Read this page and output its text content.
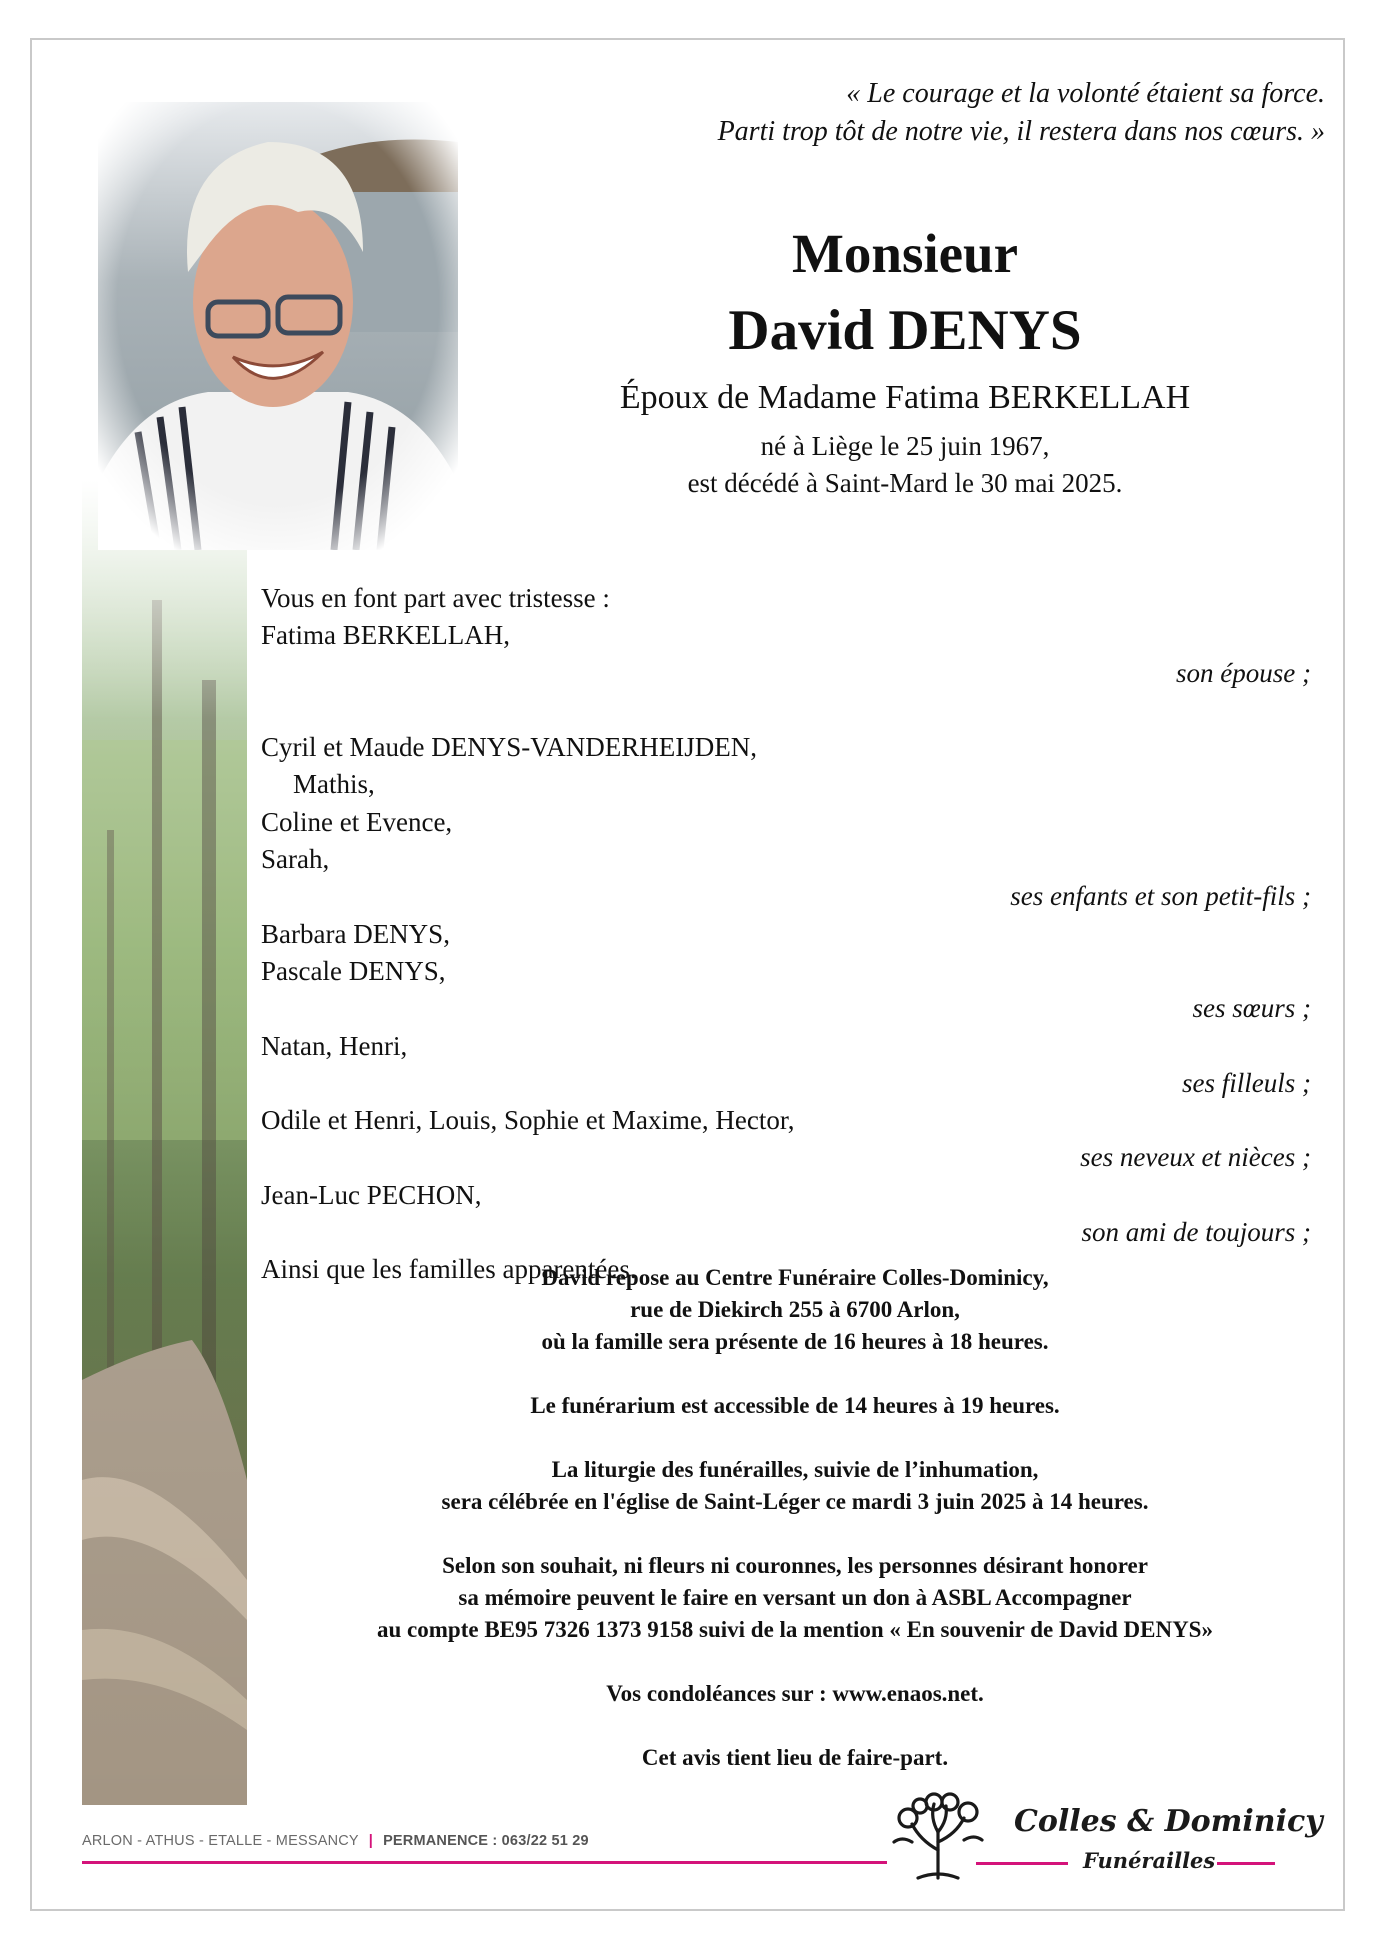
« Le courage et la volonté étaient sa force.
Parti trop tôt de notre vie, il restera dans nos cœurs. »
Monsieur
David DENYS
Époux de Madame Fatima BERKELLAH
né à Liège le 25 juin 1967,
est décédé à Saint-Mard le 30 mai 2025.
Vous en font part avec tristesse :
Fatima BERKELLAH,
son épouse ;
Cyril et Maude DENYS-VANDERHEIJDEN,
Mathis,
Coline et Evence,
Sarah,
ses enfants et son petit-fils ;
Barbara DENYS,
Pascale DENYS,
ses sœurs ;
Natan, Henri,
ses filleuls ;
Odile et Henri, Louis, Sophie et Maxime, Hector,
ses neveux et nièces ;
Jean-Luc PECHON,
son ami de toujours ;
Ainsi que les familles apparentées.

David repose au Centre Funéraire Colles-Dominicy,

rue de Diekirch 255 à 6700 Arlon,

où la famille sera présente de 16 heures à 18 heures.

Le funérarium est accessible de 14 heures à 19 heures.

La liturgie des funérailles, suivie de l’inhumation,

sera célébrée en l'église de Saint-Léger ce mardi 3 juin 2025 à 14 heures.

Selon son souhait, ni fleurs ni couronnes, les personnes désirant honorer

sa mémoire peuvent le faire en versant un don à ASBL Accompagner

au compte BE95 7326 1373 9158 suivi de la mention « En souvenir de David DENYS»

Vos condoléances sur : www.enaos.net.

Cet avis tient lieu de faire-part.

ARLON - ATHUS - ETALLE - MESSANCY | PERMANENCE : 063/22 51 29
Colles & Dominicy
Funérailles
